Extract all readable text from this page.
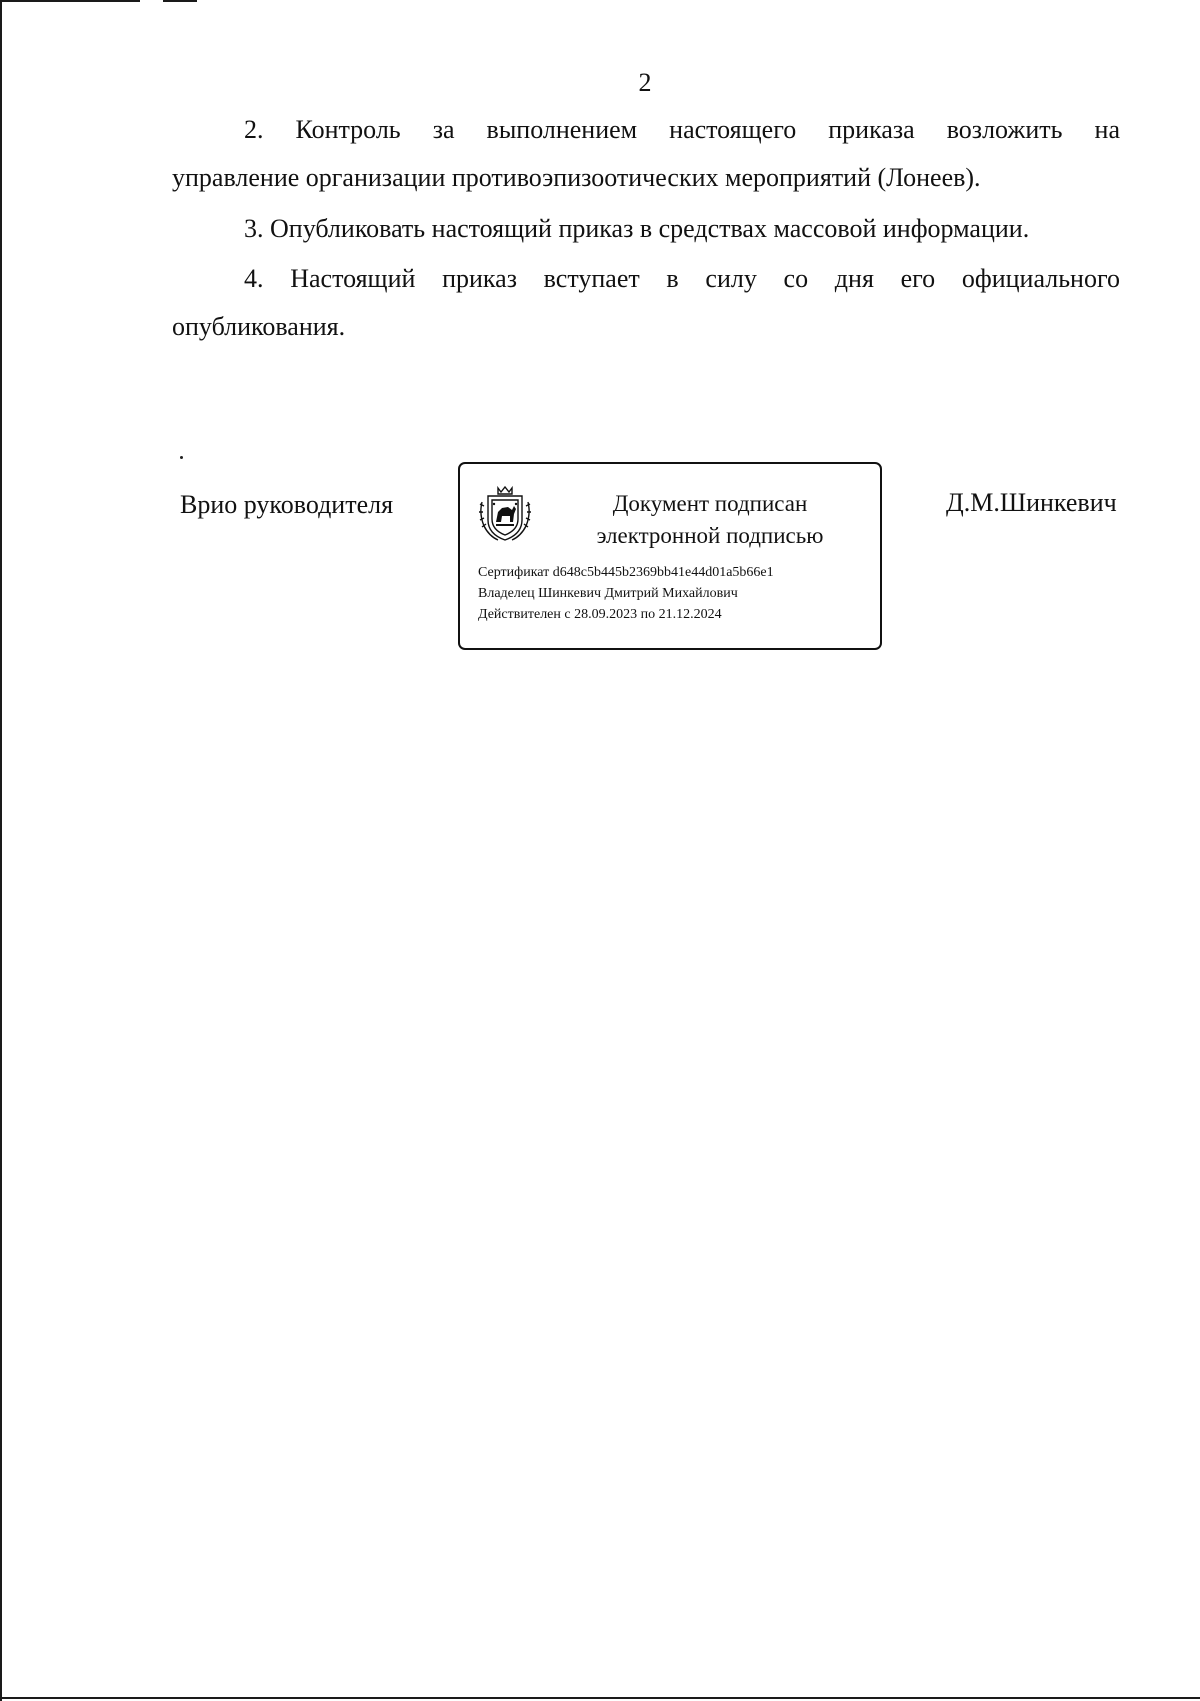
2
2. Контроль за выполнением настоящего приказа возложить на
управление организации противоэпизоотических мероприятий (Лонеев).
3. Опубликовать настоящий приказ в средствах массовой информации.
4. Настоящий приказ вступает в силу со дня его официального
опубликования.
Врио руководителя	Документ подписан
электронной подписью
Сертификат d648c5b445b2369bb41e44d01a5b66e1
Владелец Шинкевич Дмитрий Михайлович
Действителен с 28.09.2023 по 21.12.2024
Д.М.Шинкевич
